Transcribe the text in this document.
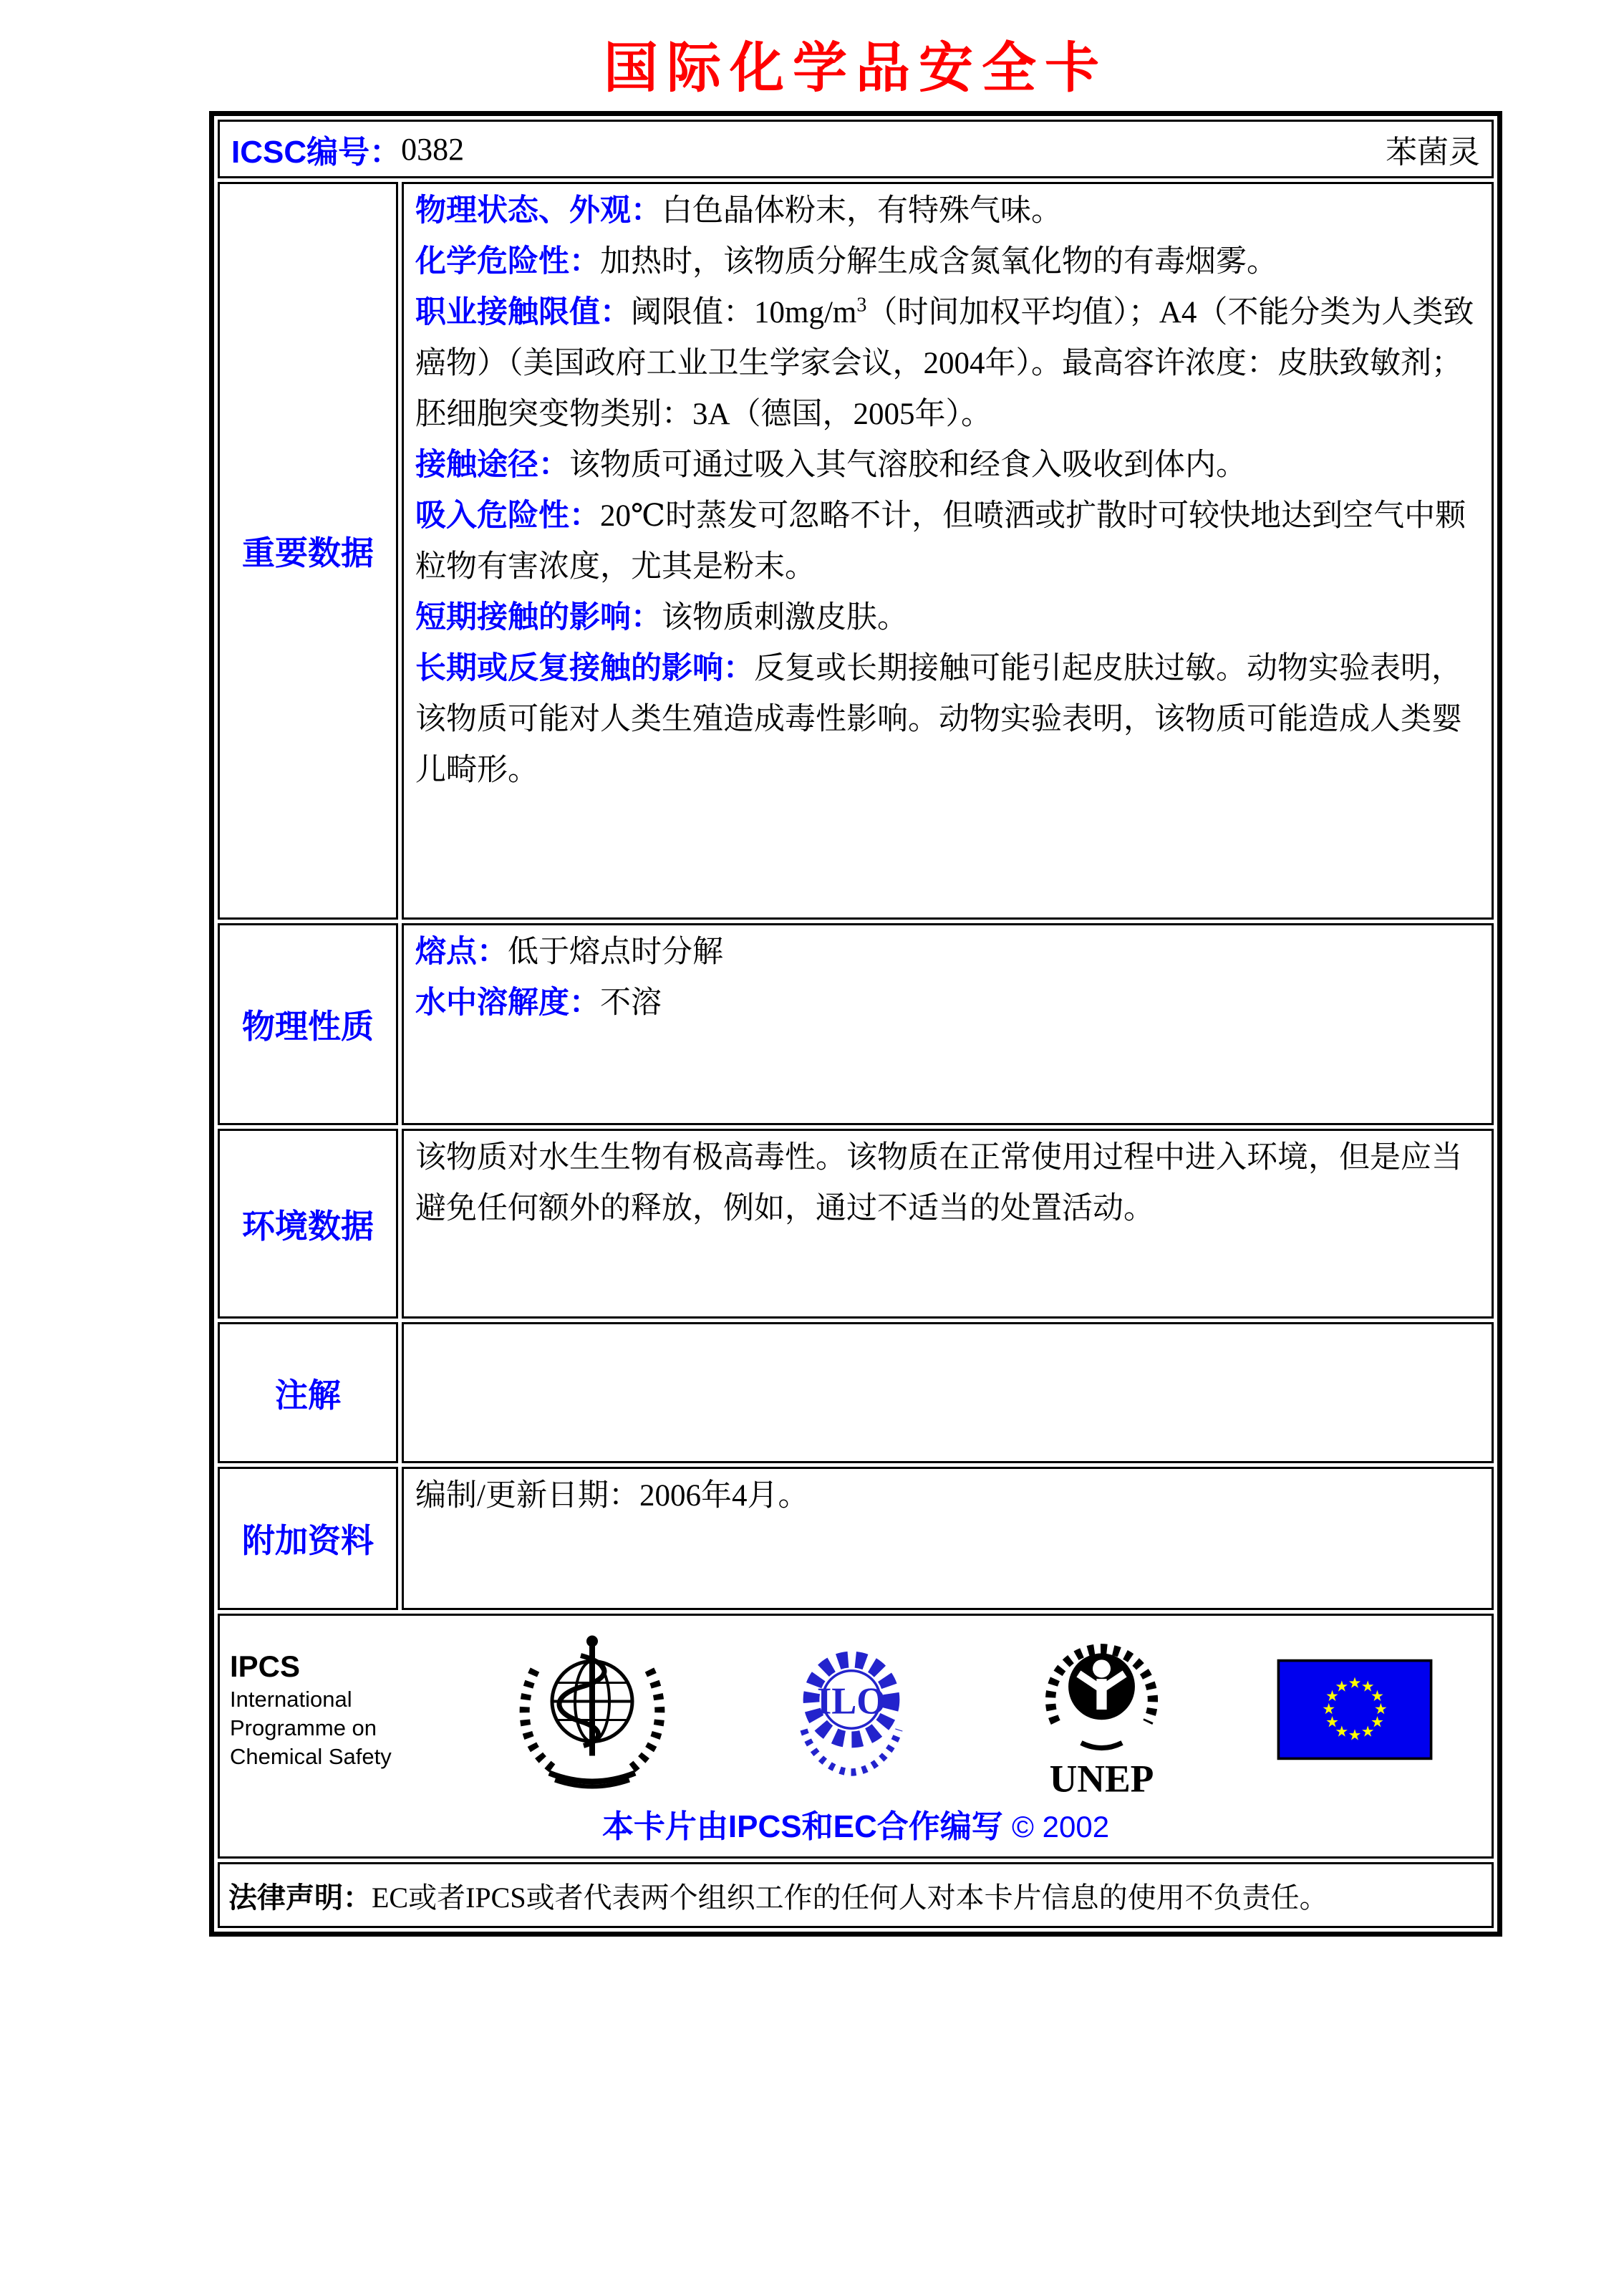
国际化学品安全卡
ICSC编号： 0382	苯菌灵
重要数据

物理状态、外观：白色晶体粉末，有特殊气味。

化学危险性：加热时，该物质分解生成含氮氧化物的有毒烟雾。

职业接触限值：阈限值：$10mg/m^3$（时间加权平均值）；A4（不能分类为人类致癌物）（美国政府工业卫生学家会议，2004年）。最高容许浓度：皮肤致敏剂；胚细胞突变物类别：3A（德国，2005年）。

接触途径：该物质可通过吸入其气溶胶和经食入吸收到体内。

吸入危险性：20℃时蒸发可忽略不计，但喷洒或扩散时可较快地达到空气中颗粒物有害浓度，尤其是粉末。

短期接触的影响：该物质刺激皮肤。

长期或反复接触的影响：反复或长期接触可能引起皮肤过敏。动物实验表明，该物质可能对人类生殖造成毒性影响。动物实验表明，该物质可能造成人类婴儿畸形。

物理性质

熔点：低于熔点时分解

水中溶解度：不溶

环境数据

该物质对水生生物有极高毒性。该物质在正常使用过程中进入环境，但是应当避免任何额外的释放，例如，通过不适当的处置活动。

注解

附加资料

编制/更新日期：2006年4月。

IPCS
International
Programme on
Chemical Safety
ILO
UNEP
本卡片由IPCS和EC合作编写 © 2002
法律声明： EC或者IPCS或者代表两个组织工作的任何人对本卡片信息的使用不负责任。
